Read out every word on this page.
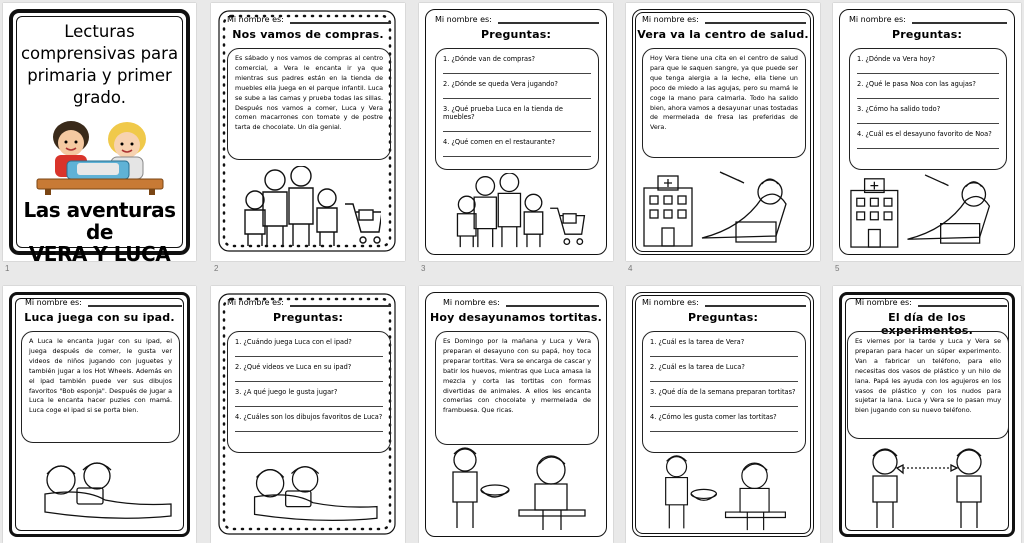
Lecturas
comprensivas para
primaria y primer
grado.
Las aventuras de
VERA Y LUCA
1
Mi nombre es:
Nos vamos de compras.
Es sábado y nos vamos de compras al centro comercial, a Vera le encanta ir ya que mientras sus padres están en la tienda de muebles ella juega en el parque infantil. Luca se sube a las camas y prueba todas las sillas. Después nos vamos a comer, Luca y Vera comen macarrones con tomate y de postre tarta de chocolate. Un día genial.
2
Mi nombre es:
Preguntas:
1. ¿Dónde van de compras?
2. ¿Dónde se queda Vera jugando?
3. ¿Qué prueba Luca en la tienda de muebles?
4. ¿Qué comen en el restaurante?
3
Mi nombre es:
Vera va la centro de salud.
Hoy Vera tiene una cita en el centro de salud para que le saquen sangre, ya que puede ser que tenga alergia a la leche, ella tiene un poco de miedo a las agujas, pero su mamá le coge la mano para calmarla. Todo ha salido bien, ahora vamos a desayunar unas tostadas de mermelada de fresa las preferidas de Vera.
4
Mi nombre es:
Preguntas:
1. ¿Dónde va Vera hoy?
2. ¿Qué le pasa Noa con las agujas?
3. ¿Cómo ha salido todo?
4. ¿Cuál es el desayuno favorito de Noa?
5
Mi nombre es:
Luca juega con su ipad.
A Luca le encanta jugar con su ipad, el juega después de comer, le gusta ver videos de niños jugando con juguetes y también jugar a los Hot Wheels. Además en el ipad también puede ver sus dibujos favoritos "Bob esponja". Después de jugar a Luca le encanta hacer puzles con mamá. Luca coge el ipad si se porta bien.
Mi nombre es:
Preguntas:
1. ¿Cuándo juega Luca con el ipad?
2. ¿Qué videos ve Luca en su ipad?
3. ¿A qué juego le gusta jugar?
4. ¿Cuáles son los dibujos favoritos de Luca?
Mi nombre es:
Hoy desayunamos tortitas.
Es Domingo por la mañana y Luca y Vera preparan el desayuno con su papá, hoy toca preparar tortitas. Vera se encarga de cascar y batir los huevos, mientras que Luca amasa la mezcla y corta las tortitas con formas divertidas de animales. A ellos les encanta comerlas con chocolate y mermelada de frambuesa. Que ricas.
Mi nombre es:
Preguntas:
1. ¿Cuál es la tarea de Vera?
2. ¿Cuál es la tarea de Luca?
3. ¿Qué día de la semana preparan tortitas?
4. ¿Cómo les gusta comer las tortitas?
Mi nombre es:
El día de los experimentos.
Es viernes por la tarde y Luca y Vera se preparan para hacer un súper experimento. Van a fabricar un teléfono, para ello necesitas dos vasos de plástico y un hilo de lana. Papá les ayuda con los agujeros en los vasos de plástico y con los nudos para sujetar la lana. Luca y Vera se lo pasan muy bien jugando con su nuevo teléfono.
